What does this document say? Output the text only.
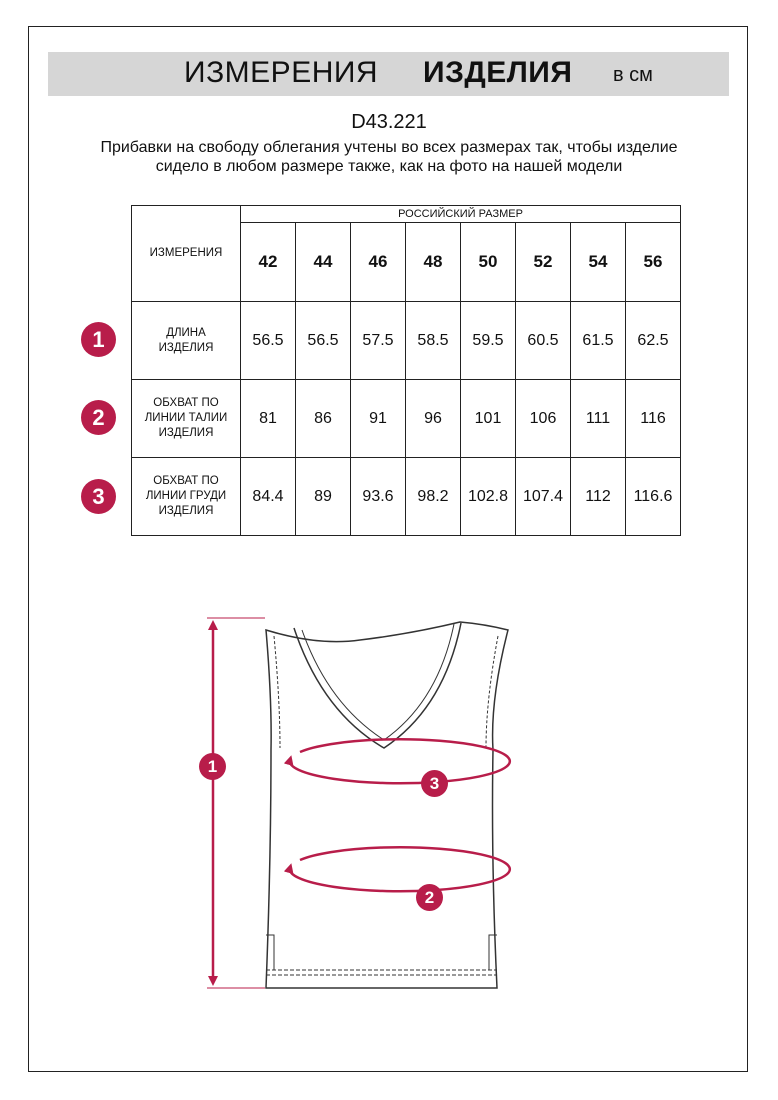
ИЗМЕРЕНИЯ ИЗДЕЛИЯ в см
D43.221
Прибавки на свободу облегания учтены во всех размерах так, чтобы изделие сидело в любом размере также, как на фото на нашей модели
ИЗМЕРЕНИЯ	РОССИЙСКИЙ РАЗМЕР							
	42	44	46	48	50	52	54	56
ДЛИНА
ИЗДЕЛИЯ	56.5	56.5	57.5	58.5	59.5	60.5	61.5	62.5
ОБХВАТ ПО
ЛИНИИ ТАЛИИ
ИЗДЕЛИЯ	81	86	91	96	101	106	111	116
ОБХВАТ ПО
ЛИНИИ ГРУДИ
ИЗДЕЛИЯ	84.4	89	93.6	98.2	102.8	107.4	112	116.6
1
2
3
1
3
2
